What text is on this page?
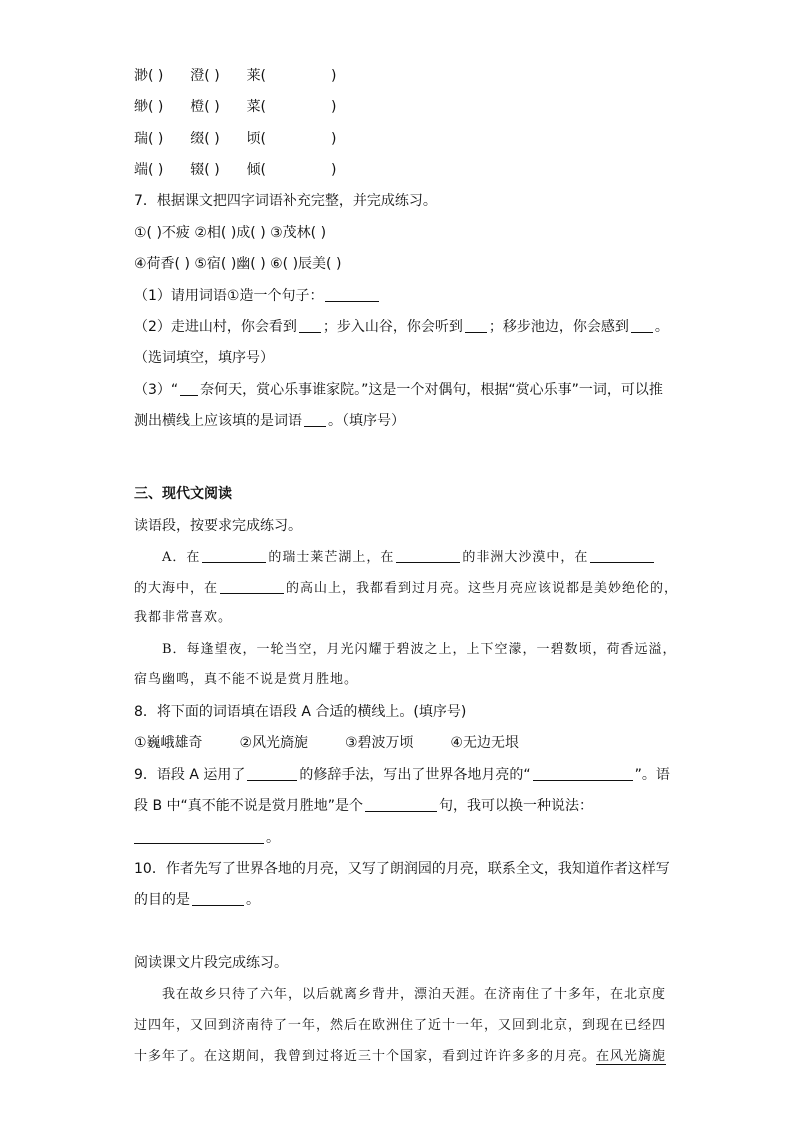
渺( ) 澄( ) 莱(	)
缈( ) 橙( ) 菜(	)
瑞( ) 缀( ) 顷(	)
端( ) 辍( ) 倾(	)
7．根据课文把四字词语补充完整，并完成练习。
①( )不疲 ②相( )成( ) ③茂林( )
④荷香( ) ⑤宿( )幽( ) ⑥( )辰美( )
（1）请用词语①造一个句子：
（2）走进山村，你会看到 ；步入山谷，你会听到 ；移步池边，你会感到 。
（选词填空，填序号）
（3）“ 奈何天，赏心乐事谁家院。”这是一个对偶句，根据“赏心乐事”一词，可以推
测出横线上应该填的是词语 。（填序号）
三、现代文阅读
读语段，按要求完成练习。
A．在	的瑞士莱芒湖上，在	的非洲大沙漠中，在
的大海中，在	的高山上，我都看到过月亮。这些月亮应该说都是美妙绝伦的，
我都非常喜欢。
B．每逢望夜，一轮当空，月光闪耀于碧波之上，上下空濛，一碧数顷，荷香远溢，
宿鸟幽鸣，真不能不说是赏月胜地。
8．将下面的词语填在语段 A 合适的横线上。(填序号)
①巍峨雄奇	②风光旖旎	③碧波万顷	④无边无垠
9．语段 A 运用了	的修辞手法，写出了世界各地月亮的“	”。语
段 B 中“真不能不说是赏月胜地”是个	句，我可以换一种说法：
。
10．作者先写了世界各地的月亮，又写了朗润园的月亮，联系全文，我知道作者这样写
的目的是	。
阅读课文片段完成练习。
我在故乡只待了六年，以后就离乡背井，漂泊天涯。在济南住了十多年，在北京度
过四年，又回到济南待了一年，然后在欧洲住了近十一年，又回到北京，到现在已经四
十多年了。在这期间，我曾到过将近三十个国家，看到过许许多多的月亮。在风光旖旎
